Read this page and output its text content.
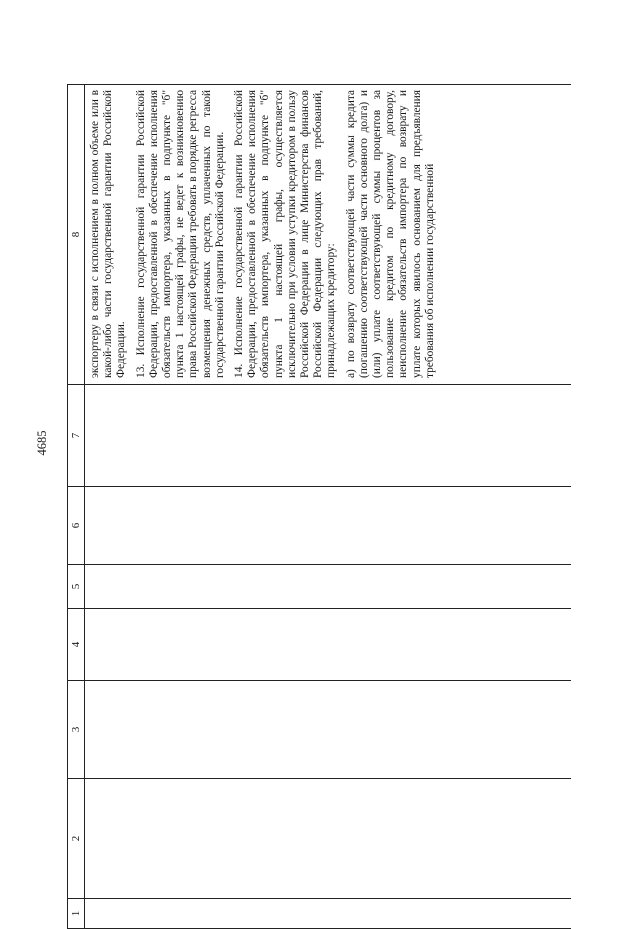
4685
1	2	3	4	5	6	7	8

							экспортеру в связи с исполнением в полном объеме или в какой-либо части государственной гарантии Российской Федерации. 13. Исполнение государственной гарантии Российской Федерации, предоставленной в обеспечение исполнения обязательств импортера, указанных в подпункте "б" пункта 1 настоящей графы, не ведет к возникновению права Российской Федерации требовать в порядке регресса возмещения денежных средств, уплаченных по такой государственной гарантии Российской Федерации. 14. Исполнение государственной гарантии Российской Федерации, предоставленной в обеспечение исполнения обязательств импортера, указанных в подпункте "б" пункта 1 настоящей графы, осуществляется исключительно при условии уступки кредитором в пользу Российской Федерации в лице Министерства финансов Российской Федерации следующих прав требований, принадлежащих кредитору: а) по возврату соответствующей части суммы кредита (погашению соответствующей части основного долга) и (или) уплате соответствующей суммы процентов за пользование кредитом по кредитному договору, неисполнение обязательств импортера по возврату и уплате которых явилось основанием для предъявления требования об исполнении государственной
